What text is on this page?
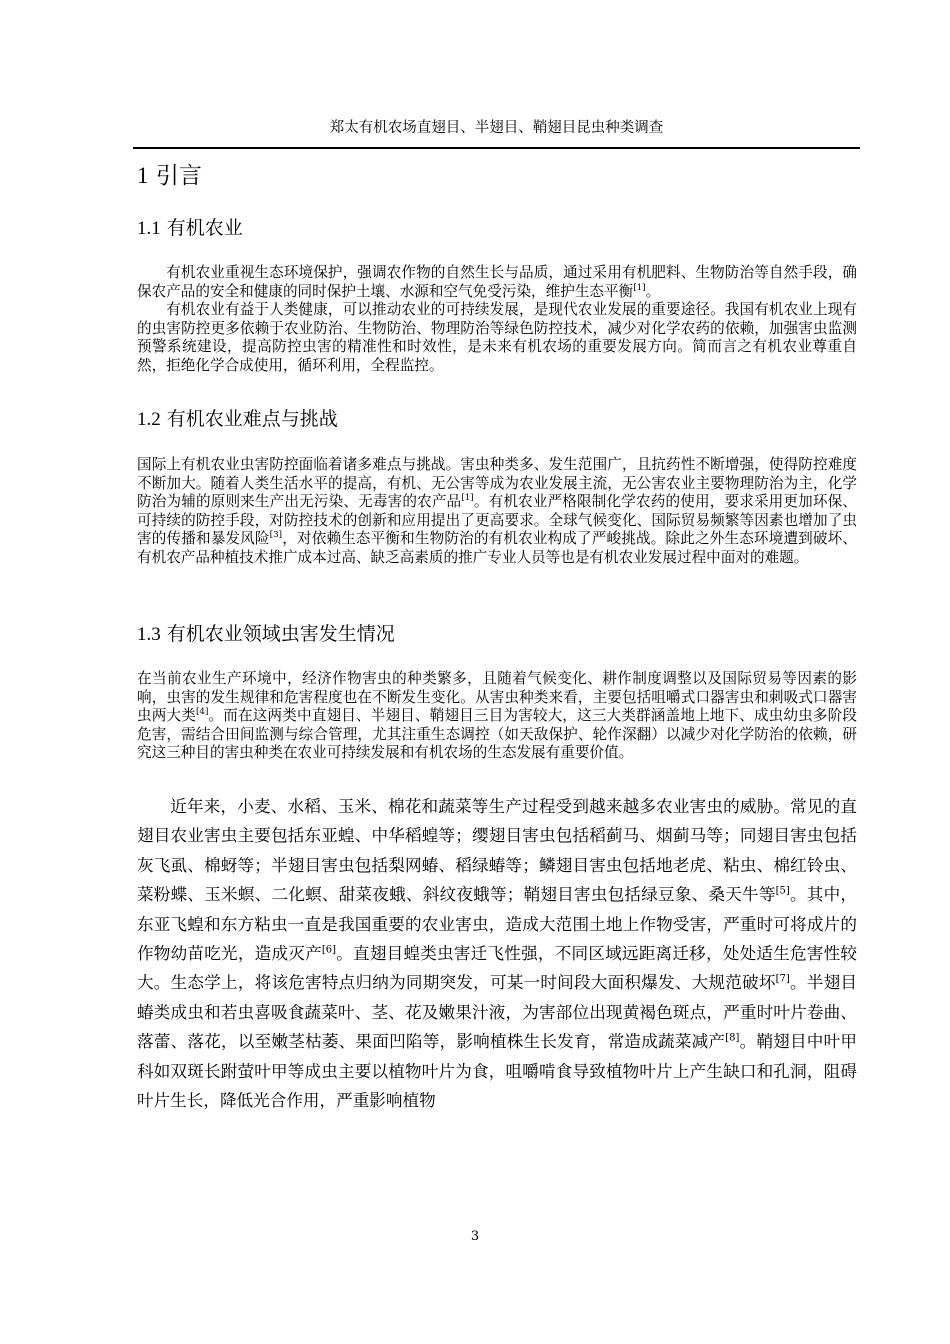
郑太有机农场直翅目、半翅目、鞘翅目昆虫种类调查
1 引言
1.1 有机农业

有机农业重视生态环境保护，强调农作物的自然生长与品质，通过采用有机肥料、生物防治等自然手段，确保农产品的安全和健康的同时保护土壤、水源和空气免受污染，维护生态平衡[1]。

有机农业有益于人类健康，可以推动农业的可持续发展，是现代农业发展的重要途径。我国有机农业上现有的虫害防控更多依赖于农业防治、生物防治、物理防治等绿色防控技术，减少对化学农药的依赖，加强害虫监测预警系统建设，提高防控虫害的精准性和时效性，是未来有机农场的重要发展方向。简而言之有机农业尊重自然，拒绝化学合成使用，循环利用，全程监控。

1.2 有机农业难点与挑战

国际上有机农业虫害防控面临着诸多难点与挑战。害虫种类多、发生范围广，且抗药性不断增强，使得防控难度不断加大。随着人类生活水平的提高，有机、无公害等成为农业发展主流，无公害农业主要物理防治为主，化学防治为辅的原则来生产出无污染、无毒害的农产品[1]。有机农业严格限制化学农药的使用，要求采用更加环保、可持续的防控手段，对防控技术的创新和应用提出了更高要求。全球气候变化、国际贸易频繁等因素也增加了虫害的传播和暴发风险[3]，对依赖生态平衡和生物防治的有机农业构成了严峻挑战。除此之外生态环境遭到破坏、有机农产品种植技术推广成本过高、缺乏高素质的推广专业人员等也是有机农业发展过程中面对的难题。

1.3 有机农业领域虫害发生情况

在当前农业生产环境中，经济作物害虫的种类繁多，且随着气候变化、耕作制度调整以及国际贸易等因素的影响，虫害的发生规律和危害程度也在不断发生变化。从害虫种类来看，主要包括咀嚼式口器害虫和刺吸式口器害虫两大类[4]。而在这两类中直翅目、半翅目、鞘翅目三目为害较大，这三大类群涵盖地上地下、成虫幼虫多阶段危害，需结合田间监测与综合管理，尤其注重生态调控（如天敌保护、轮作深翻）以减少对化学防治的依赖，研究这三种目的害虫种类在农业可持续发展和有机农场的生态发展有重要价值。

近年来，小麦、水稻、玉米、棉花和蔬菜等生产过程受到越来越多农业害虫的威胁。常见的直翅目农业害虫主要包括东亚蝗、中华稻蝗等；缨翅目害虫包括稻蓟马、烟蓟马等；同翅目害虫包括灰飞虱、棉蚜等；半翅目害虫包括梨网蝽、稻绿蝽等；鳞翅目害虫包括地老虎、粘虫、棉红铃虫、菜粉蝶、玉米螟、二化螟、甜菜夜蛾、斜纹夜蛾等；鞘翅目害虫包括绿豆象、桑天牛等[5]。其中，东亚飞蝗和东方粘虫一直是我国重要的农业害虫，造成大范围土地上作物受害，严重时可将成片的作物幼苗吃光，造成灭产[6]。直翅目蝗类虫害迁飞性强，不同区域远距离迁移，处处适生危害性较大。生态学上，将该危害特点归纳为同期突发，可某一时间段大面积爆发、大规范破坏[7]。半翅目蝽类成虫和若虫喜吸食蔬菜叶、茎、花及嫩果汁液，为害部位出现黄褐色斑点，严重时叶片卷曲、落蕾、落花，以至嫩茎枯萎、果面凹陷等，影响植株生长发育，常造成蔬菜减产[8]。鞘翅目中叶甲科如双斑长跗萤叶甲等成虫主要以植物叶片为食，咀嚼啃食导致植物叶片上产生缺口和孔洞，阻碍叶片生长，降低光合作用，严重影响植物

3
